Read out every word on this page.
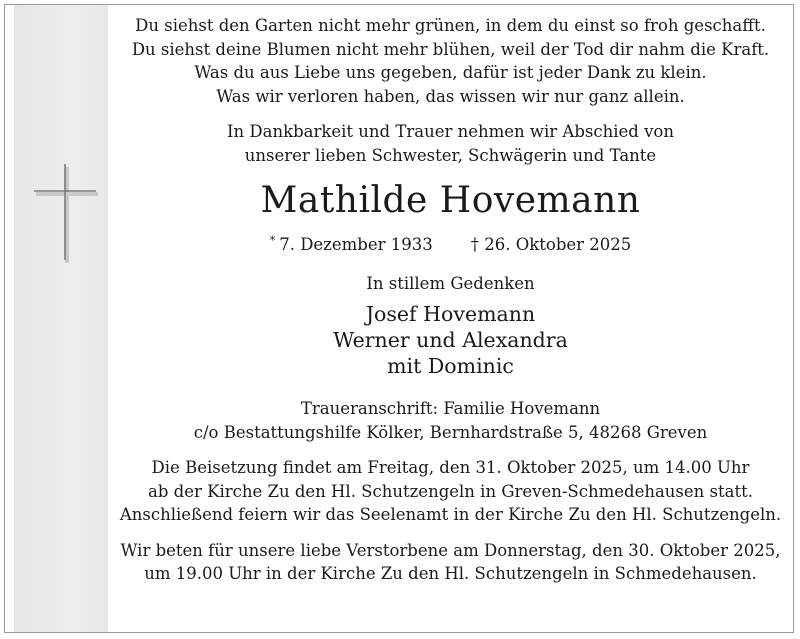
Du siehst den Garten nicht mehr grünen, in dem du einst so froh geschafft.
Du siehst deine Blumen nicht mehr blühen, weil der Tod dir nahm die Kraft.
Was du aus Liebe uns gegeben, dafür ist jeder Dank zu klein.
Was wir verloren haben, das wissen wir nur ganz allein.
In Dankbarkeit und Trauer nehmen wir Abschied von
unserer lieben Schwester, Schwägerin und Tante
Mathilde Hovemann
* 7. Dezember 1933 † 26. Oktober 2025
In stillem Gedenken
Josef Hovemann
Werner und Alexandra
mit Dominic
Traueranschrift: Familie Hovemann
c/o Bestattungshilfe Kölker, Bernhardstraße 5, 48268 Greven
Die Beisetzung findet am Freitag, den 31. Oktober 2025, um 14.00 Uhr
ab der Kirche Zu den Hl. Schutzengeln in Greven-Schmedehausen statt.
Anschließend feiern wir das Seelenamt in der Kirche Zu den Hl. Schutzengeln.
Wir beten für unsere liebe Verstorbene am Donnerstag, den 30. Oktober 2025,
um 19.00 Uhr in der Kirche Zu den Hl. Schutzengeln in Schmedehausen.
